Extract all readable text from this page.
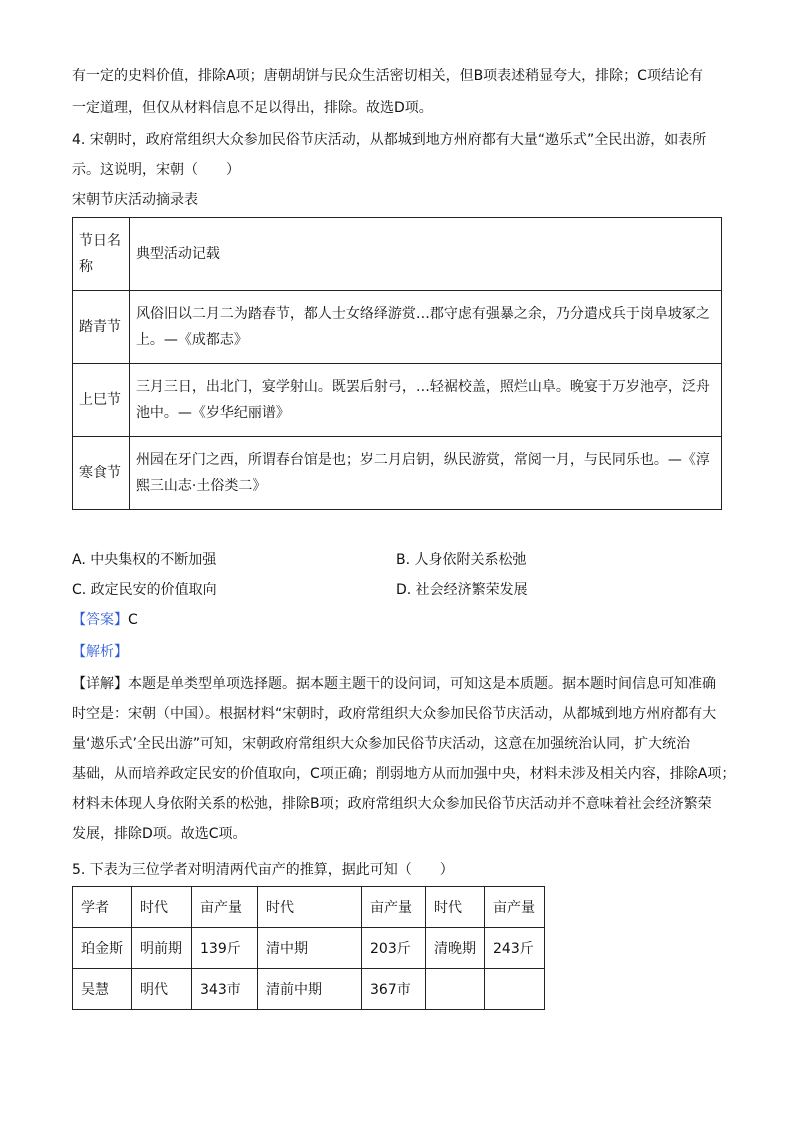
有一定的史料价值，排除A项；唐朝胡饼与民众生活密切相关，但B项表述稍显夸大，排除；C项结论有
一定道理，但仅从材料信息不足以得出，排除。故选D项。
4. 宋朝时，政府常组织大众参加民俗节庆活动，从都城到地方州府都有大量“遨乐式”全民出游，如表所
示。这说明，宋朝（　　）
宋朝节庆活动摘录表
节日名称	典型活动记载
踏青节	风俗旧以二月二为踏春节，都人士女络绎游赏…郡守虑有强暴之余，乃分遣戍兵于岗阜坡冢之上。—《成都志》
上巳节	三月三日，出北门，宴学射山。既罢后射弓，…轻裾校盖，照烂山阜。晚宴于万岁池亭，泛舟池中。—《岁华纪丽谱》
寒食节	州园在牙门之西，所谓春台馆是也；岁二月启钥，纵民游赏，常阅一月，与民同乐也。—《淳熙三山志·土俗类二》
A. 中央集权的不断加强	B. 人身依附关系松弛
C. 政定民安的价值取向	D. 社会经济繁荣发展
【答案】C
【解析】
【详解】本题是单类型单项选择题。据本题主题干的设问词，可知这是本质题。据本题时间信息可知准确
时空是：宋朝（中国）。根据材料“宋朝时，政府常组织大众参加民俗节庆活动，从都城到地方州府都有大
量‘遨乐式’全民出游”可知，宋朝政府常组织大众参加民俗节庆活动，这意在加强统治认同，扩大统治
基础，从而培养政定民安的价值取向，C项正确；削弱地方从而加强中央，材料未涉及相关内容，排除A项；
材料未体现人身依附关系的松弛，排除B项；政府常组织大众参加民俗节庆活动并不意味着社会经济繁荣
发展，排除D项。故选C项。
5. 下表为三位学者对明清两代亩产的推算，据此可知（　　）
学者	时代	亩产量	时代	亩产量	时代	亩产量
珀金斯	明前期	139斤	清中期	203斤	清晚期	243斤
吴慧	明代	343市	清前中期	367市		
